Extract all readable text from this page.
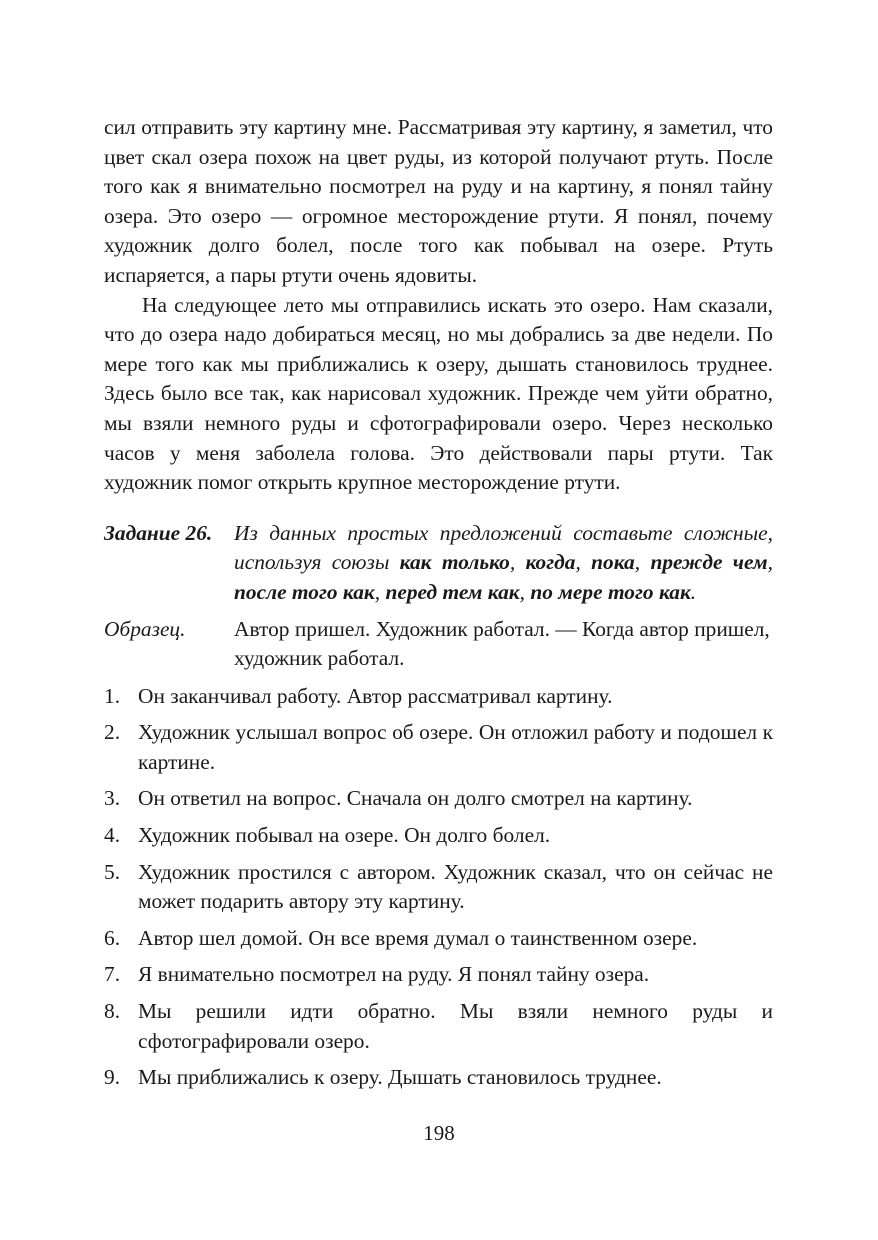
сил отправить эту картину мне. Рассматривая эту картину, я заметил, что цвет скал озера похож на цвет руды, из которой получают ртуть. После того как я внимательно посмотрел на руду и на картину, я понял тайну озера. Это озеро — огромное месторождение ртути. Я понял, почему художник долго болел, после того как побывал на озере. Ртуть испаряется, а пары ртути очень ядовиты.

На следующее лето мы отправились искать это озеро. Нам сказали, что до озера надо добираться месяц, но мы добрались за две недели. По мере того как мы приближались к озеру, дышать становилось труднее. Здесь было все так, как нарисовал художник. Прежде чем уйти обратно, мы взяли немного руды и сфотографировали озеро. Через несколько часов у меня заболела голова. Это действовали пары ртути. Так художник помог открыть крупное месторождение ртути.

Задание 26.	Из данных простых предложений составьте сложные, используя союзы как только, когда, пока, прежде чем, после того как, перед тем как, по мере того как.
Образец.	Автор пришел. Художник работал. — Когда автор пришел, художник работал.
1. Он заканчивал работу. Автор рассматривал картину.
2. Художник услышал вопрос об озере. Он отложил работу и подошел к картине.
3. Он ответил на вопрос. Сначала он долго смотрел на картину.
4. Художник побывал на озере. Он долго болел.
5. Художник простился с автором. Художник сказал, что он сейчас не может подарить автору эту картину.
6. Автор шел домой. Он все время думал о таинственном озере.
7. Я внимательно посмотрел на руду. Я понял тайну озера.
8. Мы решили идти обратно. Мы взяли немного руды и сфотографировали озеро.
9. Мы приближались к озеру. Дышать становилось труднее.
198
